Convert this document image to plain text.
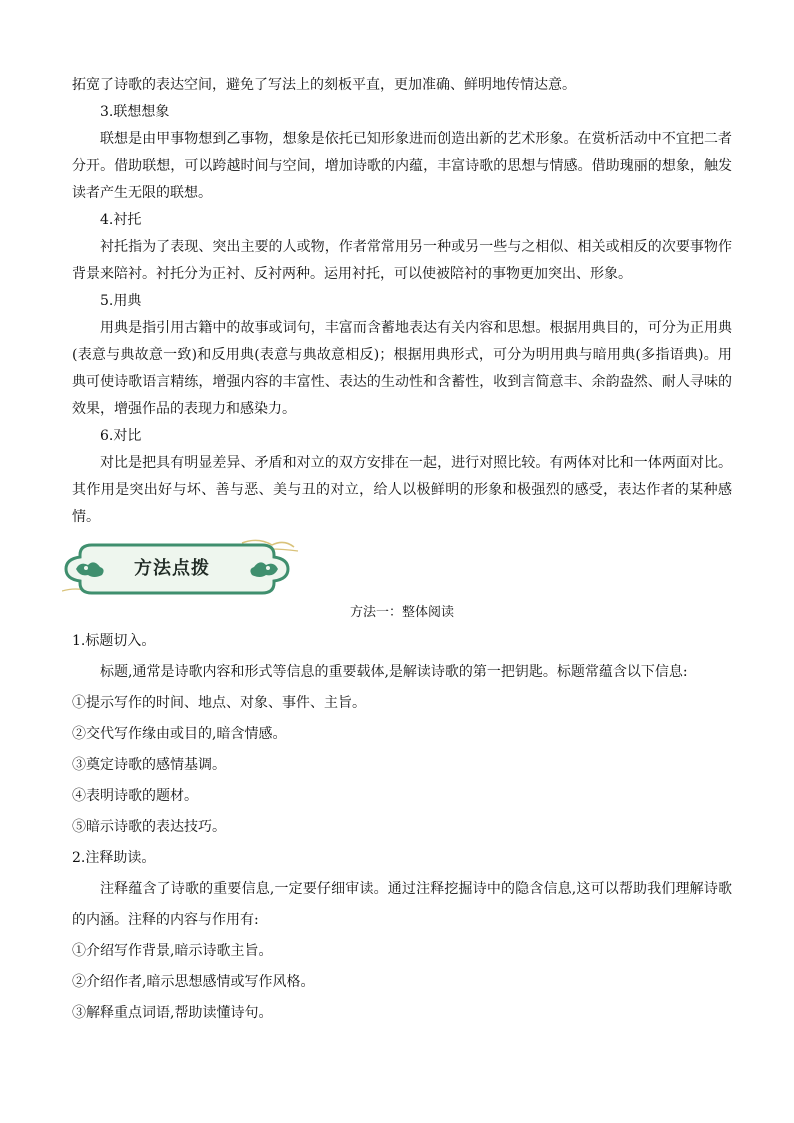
拓宽了诗歌的表达空间，避免了写法上的刻板平直，更加准确、鲜明地传情达意。

3.联想想象

联想是由甲事物想到乙事物，想象是依托已知形象进而创造出新的艺术形象。在赏析活动中不宜把二者分开。借助联想，可以跨越时间与空间，增加诗歌的内蕴，丰富诗歌的思想与情感。借助瑰丽的想象，触发读者产生无限的联想。

4.衬托

衬托指为了表现、突出主要的人或物，作者常常用另一种或另一些与之相似、相关或相反的次要事物作背景来陪衬。衬托分为正衬、反衬两种。运用衬托，可以使被陪衬的事物更加突出、形象。

5.用典

用典是指引用古籍中的故事或词句，丰富而含蓄地表达有关内容和思想。根据用典目的，可分为正用典(表意与典故意一致)和反用典(表意与典故意相反)；根据用典形式，可分为明用典与暗用典(多指语典)。用典可使诗歌语言精练，增强内容的丰富性、表达的生动性和含蓄性，收到言简意丰、余韵盎然、耐人寻味的效果，增强作品的表现力和感染力。

6.对比

对比是把具有明显差异、矛盾和对立的双方安排在一起，进行对照比较。有两体对比和一体两面对比。其作用是突出好与坏、善与恶、美与丑的对立，给人以极鲜明的形象和极强烈的感受，表达作者的某种感情。

方法点拨
方法一：整体阅读

1.标题切入。

标题,通常是诗歌内容和形式等信息的重要载体,是解读诗歌的第一把钥匙。标题常蕴含以下信息:

①提示写作的时间、地点、对象、事件、主旨。

②交代写作缘由或目的,暗含情感。

③奠定诗歌的感情基调。

④表明诗歌的题材。

⑤暗示诗歌的表达技巧。

2.注释助读。

注释蕴含了诗歌的重要信息,一定要仔细审读。通过注释挖掘诗中的隐含信息,这可以帮助我们理解诗歌的内涵。注释的内容与作用有:

①介绍写作背景,暗示诗歌主旨。

②介绍作者,暗示思想感情或写作风格。

③解释重点词语,帮助读懂诗句。
